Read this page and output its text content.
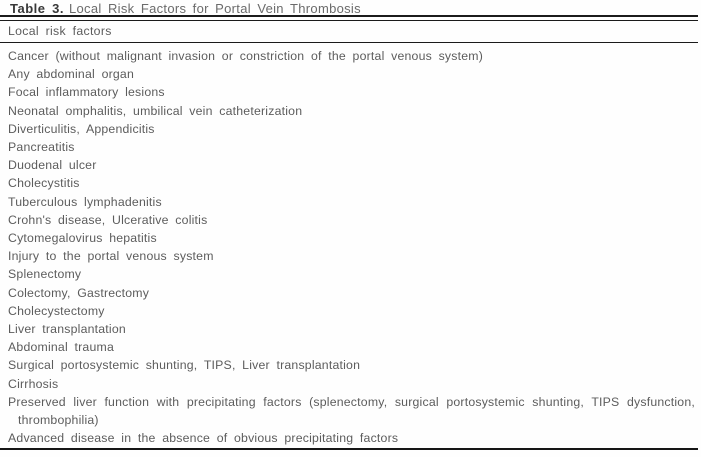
Table 3. Local Risk Factors for Portal Vein Thrombosis
Local risk factors
Cancer (without malignant invasion or constriction of the portal venous system)
Any abdominal organ
Focal inflammatory lesions
Neonatal omphalitis, umbilical vein catheterization
Diverticulitis, Appendicitis
Pancreatitis
Duodenal ulcer
Cholecystitis
Tuberculous lymphadenitis
Crohn's disease, Ulcerative colitis
Cytomegalovirus hepatitis
Injury to the portal venous system
Splenectomy
Colectomy, Gastrectomy
Cholecystectomy
Liver transplantation
Abdominal trauma
Surgical portosystemic shunting, TIPS, Liver transplantation
Cirrhosis
Preserved liver function with precipitating factors (splenectomy, surgical portosystemic shunting, TIPS dysfunction, thrombophilia)
Advanced disease in the absence of obvious precipitating factors
